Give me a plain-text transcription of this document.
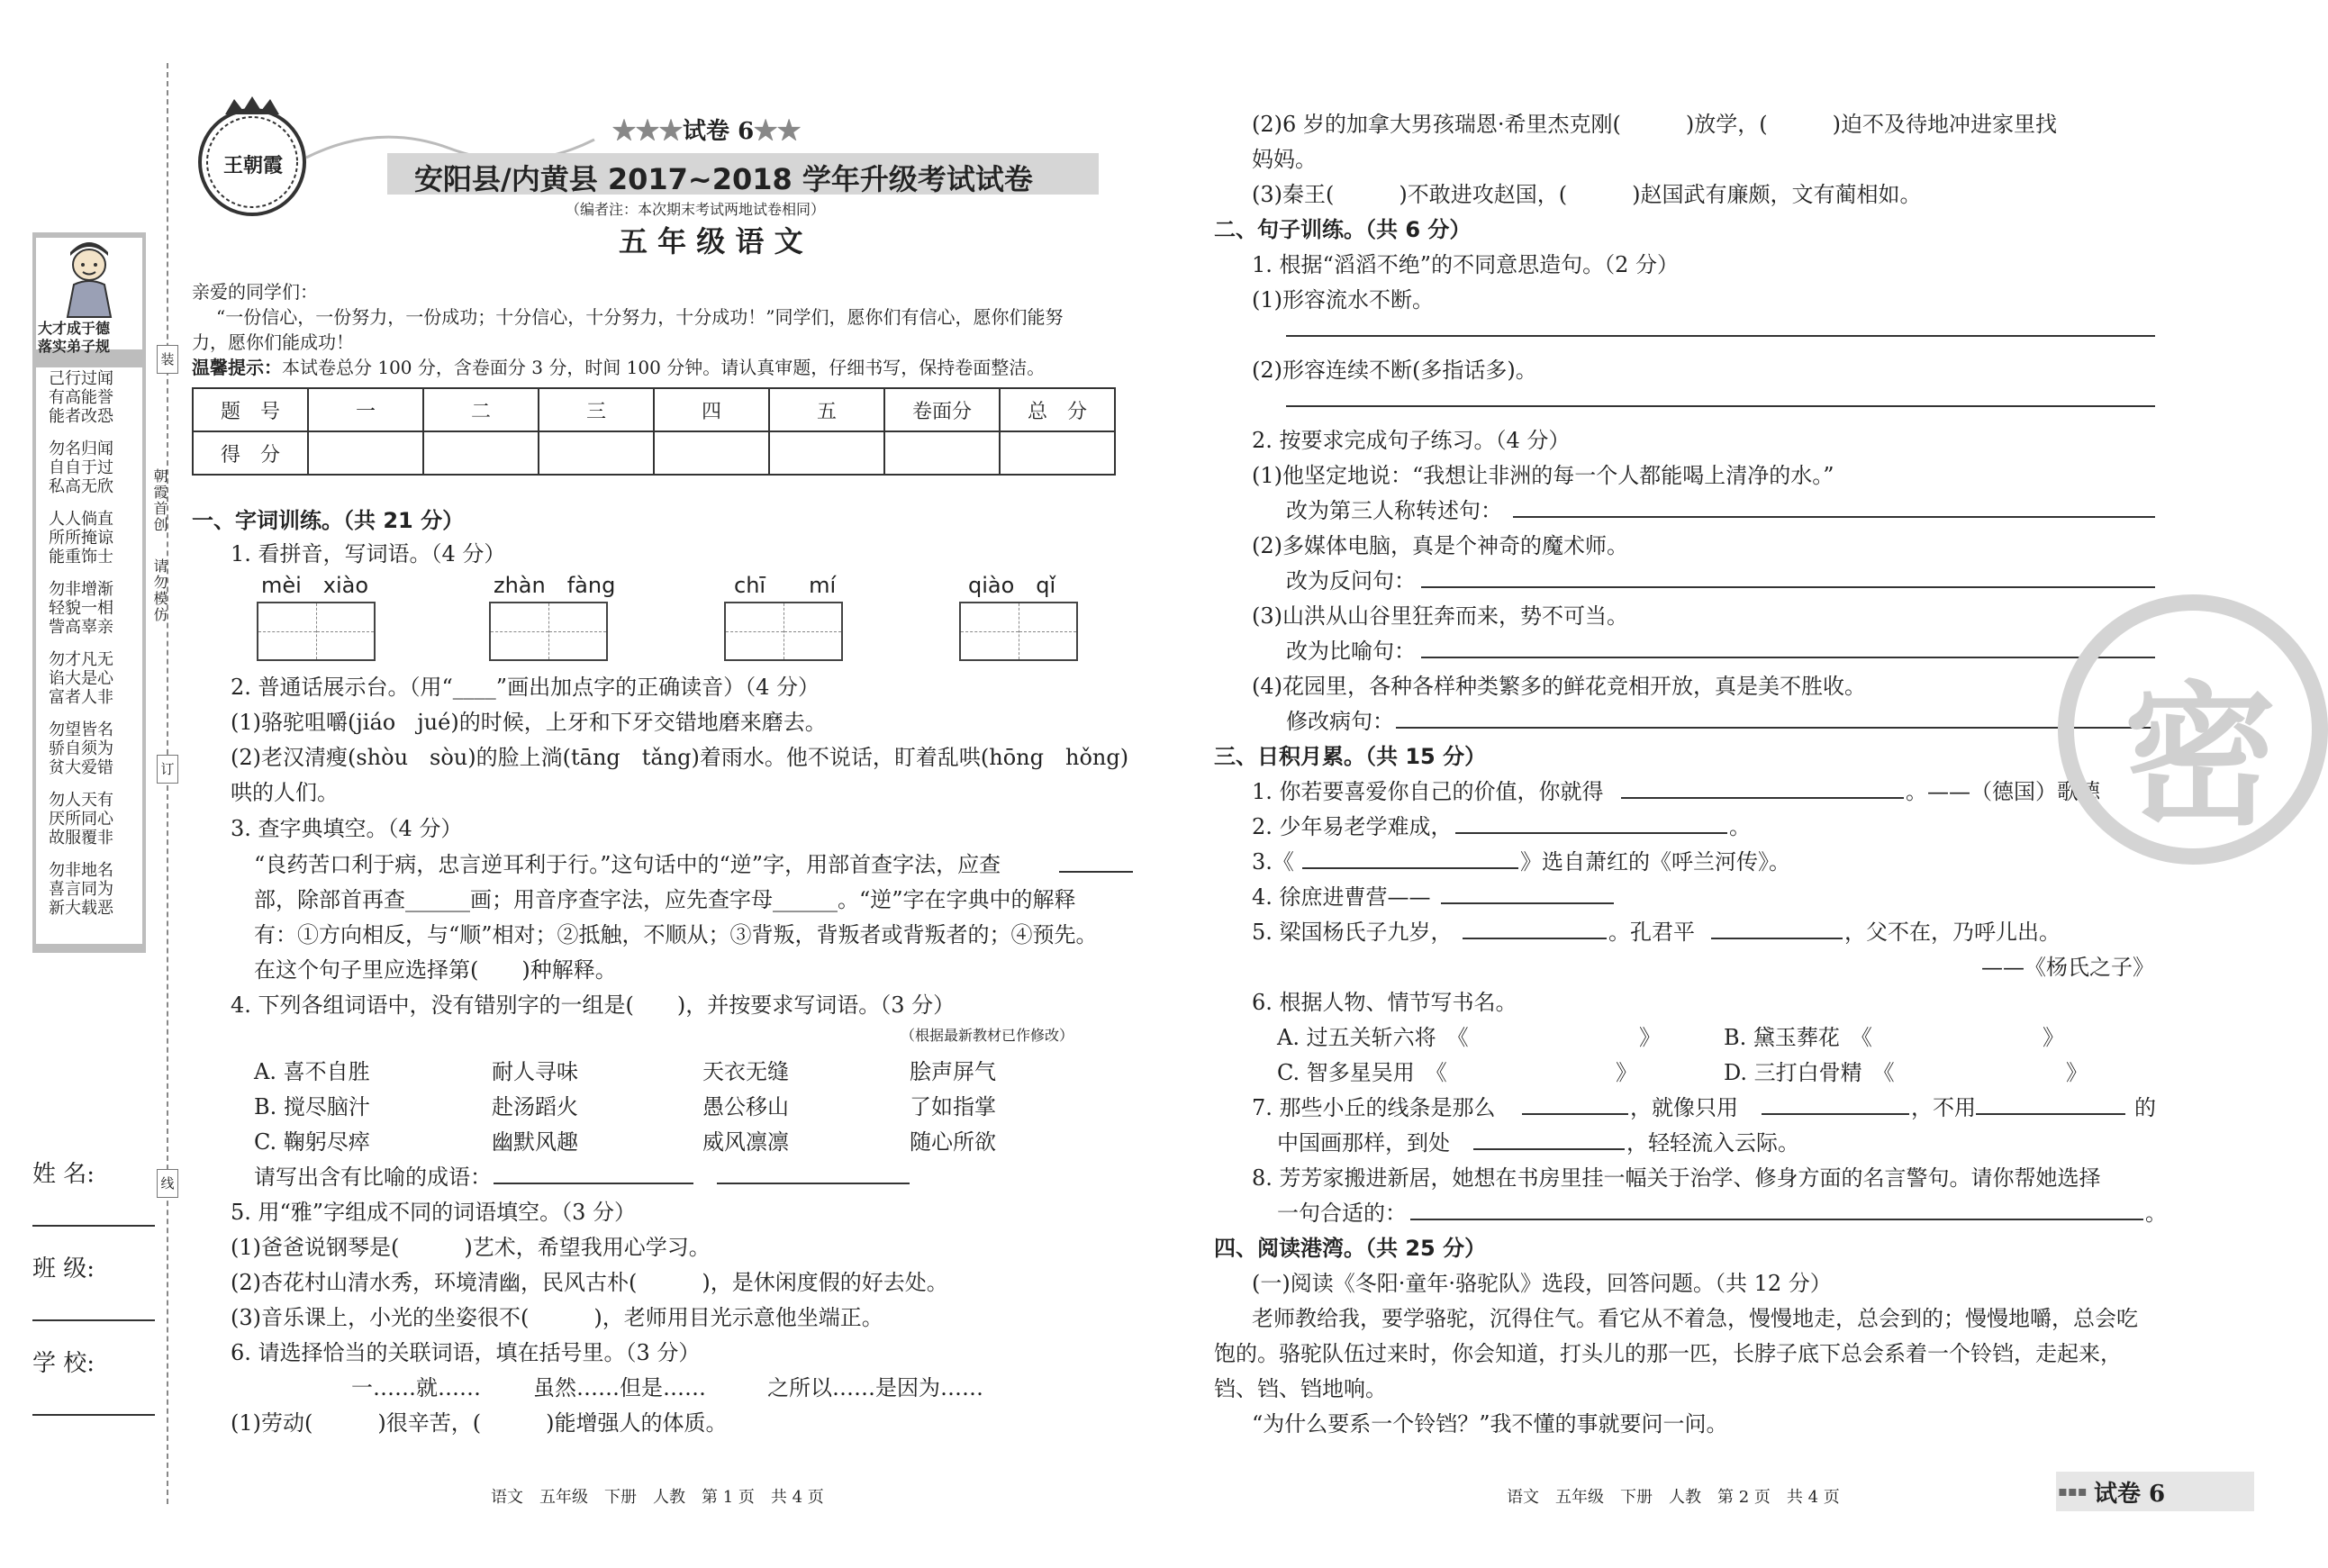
大才成于德
落实弟子规
己行过闻
有高能誉
能者改恐
勿名归闻
自自于过
私高无欣
人人倘直
所所掩谅
能重饰士
勿非增渐
轻貌一相
訾高辜亲
勿才凡无
谄大是心
富者人非
勿望皆名
骄自须为
贫大爱错
勿人天有
厌所同心
故服覆非
勿非地名
喜言同为
新大载恶
装
订
线
朝霞首创
请勿模仿
姓 名:
班 级:
学 校:
王朝霞
★★★试卷 6★★
安阳县/内黄县 2017~2018 学年升级考试试卷
（编者注：本次期末考试两地试卷相同）
五 年 级 语 文
亲爱的同学们：
“一份信心，一份努力，一份成功；十分信心，十分努力，十分成功！”同学们，愿你们有信心，愿你们能努
力，愿你们能成功！
温馨提示：本试卷总分 100 分，含卷面分 3 分，时间 100 分钟。请认真审题，仔细书写，保持卷面整洁。
题　号	一	二	三	四	五	卷面分	总　分
得　分							
一、字词训练。（共 21 分）
1. 看拼音，写词语。（4 分）
mèi　xiào	zhàn　fàng	chī　　mí	qiào　qǐ
2. 普通话展示台。（用“____”画出加点字的正确读音）（4 分）
(1)骆驼咀嚼(jiáo　jué)的时候，上牙和下牙交错地磨来磨去。
(2)老汉清瘦(shòu　sòu)的脸上淌(tāng　tǎng)着雨水。他不说话，盯着乱哄(hōng　hǒng)
哄的人们。
3. 查字典填空。（4 分）
“良药苦口利于病，忠言逆耳利于行。”这句话中的“逆”字，用部首查字法，应查
部，除部首再查______画；用音序查字法，应先查字母______。“逆”字在字典中的解释
有：①方向相反，与“顺”相对；②抵触，不顺从；③背叛，背叛者或背叛者的；④预先。
在这个句子里应选择第(　　)种解释。
4. 下列各组词语中，没有错别字的一组是(　　)，并按要求写词语。（3 分）
（根据最新教材已作修改）
A. 喜不自胜	耐人寻味	天衣无缝	脍声屏气
B. 搅尽脑汁	赴汤蹈火	愚公移山	了如指掌
C. 鞠躬尽瘁	幽默风趣	威风凛凛	随心所欲
请写出含有比喻的成语：
5. 用“雅”字组成不同的词语填空。（3 分）
(1)爸爸说钢琴是(　　　)艺术，希望我用心学习。
(2)杏花村山清水秀，环境清幽，民风古朴(　　　)，是休闲度假的好去处。
(3)音乐课上，小光的坐姿很不(　　　)，老师用目光示意他坐端正。
6. 请选择恰当的关联词语，填在括号里。（3 分）
一……就…… 虽然……但是……	之所以……是因为……
(1)劳动(　　　)很辛苦，(　　　)能增强人的体质。
语文　五年级　下册　人教　第 1 页　共 4 页
(2)6 岁的加拿大男孩瑞恩·希里杰克刚(　　　)放学，(　　　)迫不及待地冲进家里找
妈妈。
(3)秦王(　　　)不敢进攻赵国，(　　　)赵国武有廉颇，文有蔺相如。
二、句子训练。（共 6 分）
1. 根据“滔滔不绝”的不同意思造句。（2 分）
(1)形容流水不断。
(2)形容连续不断(多指话多)。
2. 按要求完成句子练习。（4 分）
(1)他坚定地说：“我想让非洲的每一个人都能喝上清净的水。”
改为第三人称转述句：
(2)多媒体电脑，真是个神奇的魔术师。
改为反问句：
(3)山洪从山谷里狂奔而来，势不可当。
改为比喻句：
(4)花园里，各种各样种类繁多的鲜花竞相开放，真是美不胜收。
修改病句：
三、日积月累。（共 15 分）
1. 你若要喜爱你自己的价值，你就得	。——（德国）歌德
2. 少年易老学难成，	。
3.《	》选自萧红的《呼兰河传》。
4. 徐庶进曹营——
5. 梁国杨氏子九岁，	。孔君平	，父不在，乃呼儿出。
——《杨氏之子》
6. 根据人物、情节写书名。
A. 过五关斩六将　《	》	B. 黛玉葬花　《	》
C. 智多星吴用　《	》	D. 三打白骨精　《	》
7. 那些小丘的线条是那么	，就像只用	，不用	的
中国画那样，到处	，轻轻流入云际。
8. 芳芳家搬进新居，她想在书房里挂一幅关于治学、修身方面的名言警句。请你帮她选择
一句合适的：	。
四、阅读港湾。（共 25 分）
(一)阅读《冬阳·童年·骆驼队》选段，回答问题。（共 12 分）
老师教给我，要学骆驼，沉得住气。看它从不着急，慢慢地走，总会到的；慢慢地嚼，总会吃
饱的。骆驼队伍过来时，你会知道，打头儿的那一匹，长脖子底下总会系着一个铃铛，走起来，
铛、铛、铛地响。
“为什么要系一个铃铛？”我不懂的事就要问一问。
密
语文　五年级　下册　人教　第 2 页　共 4 页	▪▪▪ 试卷 6
